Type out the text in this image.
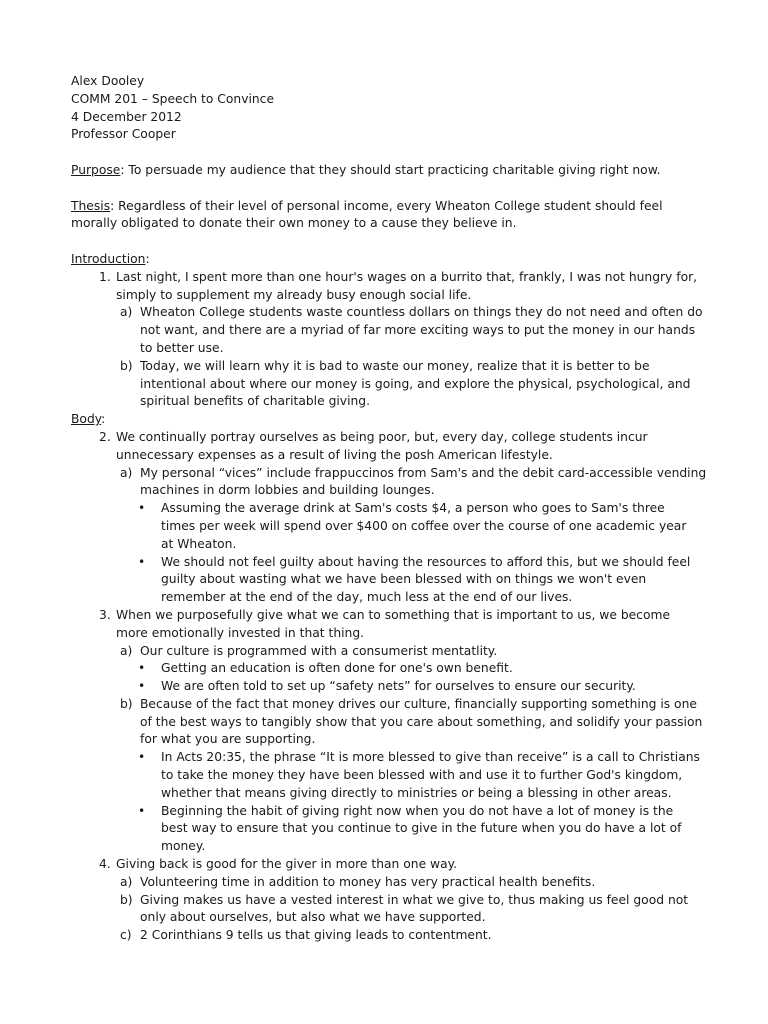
Alex Dooley
COMM 201 – Speech to Convince
4 December 2012
Professor Cooper
Purpose: To persuade my audience that they should start practicing charitable giving right now.
Thesis: Regardless of their level of personal income, every Wheaton College student should feel
morally obligated to donate their own money to a cause they believe in.
Introduction:
1. Last night, I spent more than one hour's wages on a burrito that, frankly, I was not hungry for,
simply to supplement my already busy enough social life.
a) Wheaton College students waste countless dollars on things they do not need and often do
not want, and there are a myriad of far more exciting ways to put the money in our hands
to better use.
b) Today, we will learn why it is bad to waste our money, realize that it is better to be
intentional about where our money is going, and explore the physical, psychological, and
spiritual benefits of charitable giving.
Body:
2. We continually portray ourselves as being poor, but, every day, college students incur
unnecessary expenses as a result of living the posh American lifestyle.
a) My personal “vices” include frappuccinos from Sam's and the debit card-accessible vending
machines in dorm lobbies and building lounges.
• Assuming the average drink at Sam's costs $4, a person who goes to Sam's three
times per week will spend over $400 on coffee over the course of one academic year
at Wheaton.
• We should not feel guilty about having the resources to afford this, but we should feel
guilty about wasting what we have been blessed with on things we won't even
remember at the end of the day, much less at the end of our lives.
3. When we purposefully give what we can to something that is important to us, we become
more emotionally invested in that thing.
a) Our culture is programmed with a consumerist mentatlity.
• Getting an education is often done for one's own benefit.
• We are often told to set up “safety nets” for ourselves to ensure our security.
b) Because of the fact that money drives our culture, financially supporting something is one
of the best ways to tangibly show that you care about something, and solidify your passion
for what you are supporting.
• In Acts 20:35, the phrase “It is more blessed to give than receive” is a call to Christians
to take the money they have been blessed with and use it to further God's kingdom,
whether that means giving directly to ministries or being a blessing in other areas.
• Beginning the habit of giving right now when you do not have a lot of money is the
best way to ensure that you continue to give in the future when you do have a lot of
money.
4. Giving back is good for the giver in more than one way.
a) Volunteering time in addition to money has very practical health benefits.
b) Giving makes us have a vested interest in what we give to, thus making us feel good not
only about ourselves, but also what we have supported.
c) 2 Corinthians 9 tells us that giving leads to contentment.
